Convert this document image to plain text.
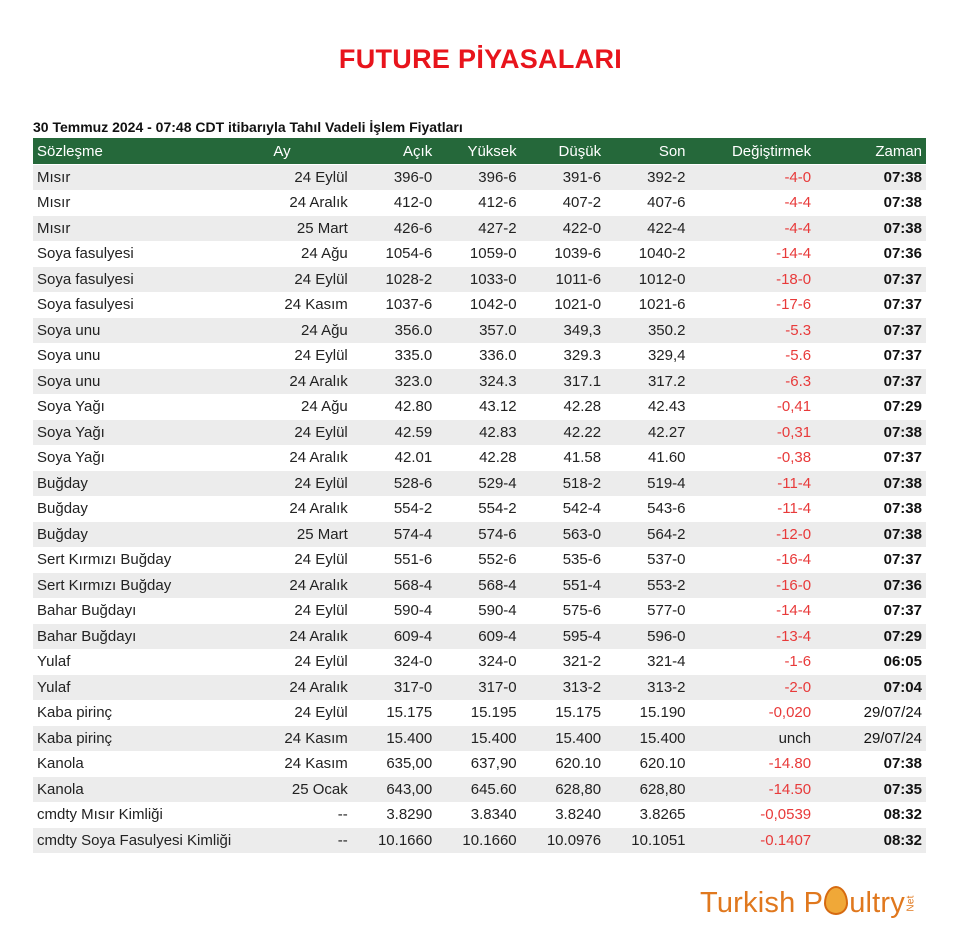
FUTURE PİYASALARI
30 Temmuz 2024 - 07:48 CDT itibarıyla Tahıl Vadeli İşlem Fiyatları
Sözleşme	Ay	Açık	Yüksek	Düşük	Son	Değiştirmek	Zaman
Mısır	24 Eylül	396-0	396-6	391-6	392-2	-4-0	07:38
Mısır	24 Aralık	412-0	412-6	407-2	407-6	-4-4	07:38
Mısır	25 Mart	426-6	427-2	422-0	422-4	-4-4	07:38
Soya fasulyesi	24 Ağu	1054-6	1059-0	1039-6	1040-2	-14-4	07:36
Soya fasulyesi	24 Eylül	1028-2	1033-0	1011-6	1012-0	-18-0	07:37
Soya fasulyesi	24 Kasım	1037-6	1042-0	1021-0	1021-6	-17-6	07:37
Soya unu	24 Ağu	356.0	357.0	349,3	350.2	-5.3	07:37
Soya unu	24 Eylül	335.0	336.0	329.3	329,4	-5.6	07:37
Soya unu	24 Aralık	323.0	324.3	317.1	317.2	-6.3	07:37
Soya Yağı	24 Ağu	42.80	43.12	42.28	42.43	-0,41	07:29
Soya Yağı	24 Eylül	42.59	42.83	42.22	42.27	-0,31	07:38
Soya Yağı	24 Aralık	42.01	42.28	41.58	41.60	-0,38	07:37
Buğday	24 Eylül	528-6	529-4	518-2	519-4	-11-4	07:38
Buğday	24 Aralık	554-2	554-2	542-4	543-6	-11-4	07:38
Buğday	25 Mart	574-4	574-6	563-0	564-2	-12-0	07:38
Sert Kırmızı Buğday	24 Eylül	551-6	552-6	535-6	537-0	-16-4	07:37
Sert Kırmızı Buğday	24 Aralık	568-4	568-4	551-4	553-2	-16-0	07:36
Bahar Buğdayı	24 Eylül	590-4	590-4	575-6	577-0	-14-4	07:37
Bahar Buğdayı	24 Aralık	609-4	609-4	595-4	596-0	-13-4	07:29
Yulaf	24 Eylül	324-0	324-0	321-2	321-4	-1-6	06:05
Yulaf	24 Aralık	317-0	317-0	313-2	313-2	-2-0	07:04
Kaba pirinç	24 Eylül	15.175	15.195	15.175	15.190	-0,020	29/07/24
Kaba pirinç	24 Kasım	15.400	15.400	15.400	15.400	unch	29/07/24
Kanola	24 Kasım	635,00	637,90	620.10	620.10	-14.80	07:38
Kanola	25 Ocak	643,00	645.60	628,80	628,80	-14.50	07:35
cmdty Mısır Kimliği	--	3.8290	3.8340	3.8240	3.8265	-0,0539	08:32
cmdty Soya Fasulyesi Kimliği	--	10.1660	10.1660	10.0976	10.1051	-0.1407	08:32
Turkish P ultryNet
